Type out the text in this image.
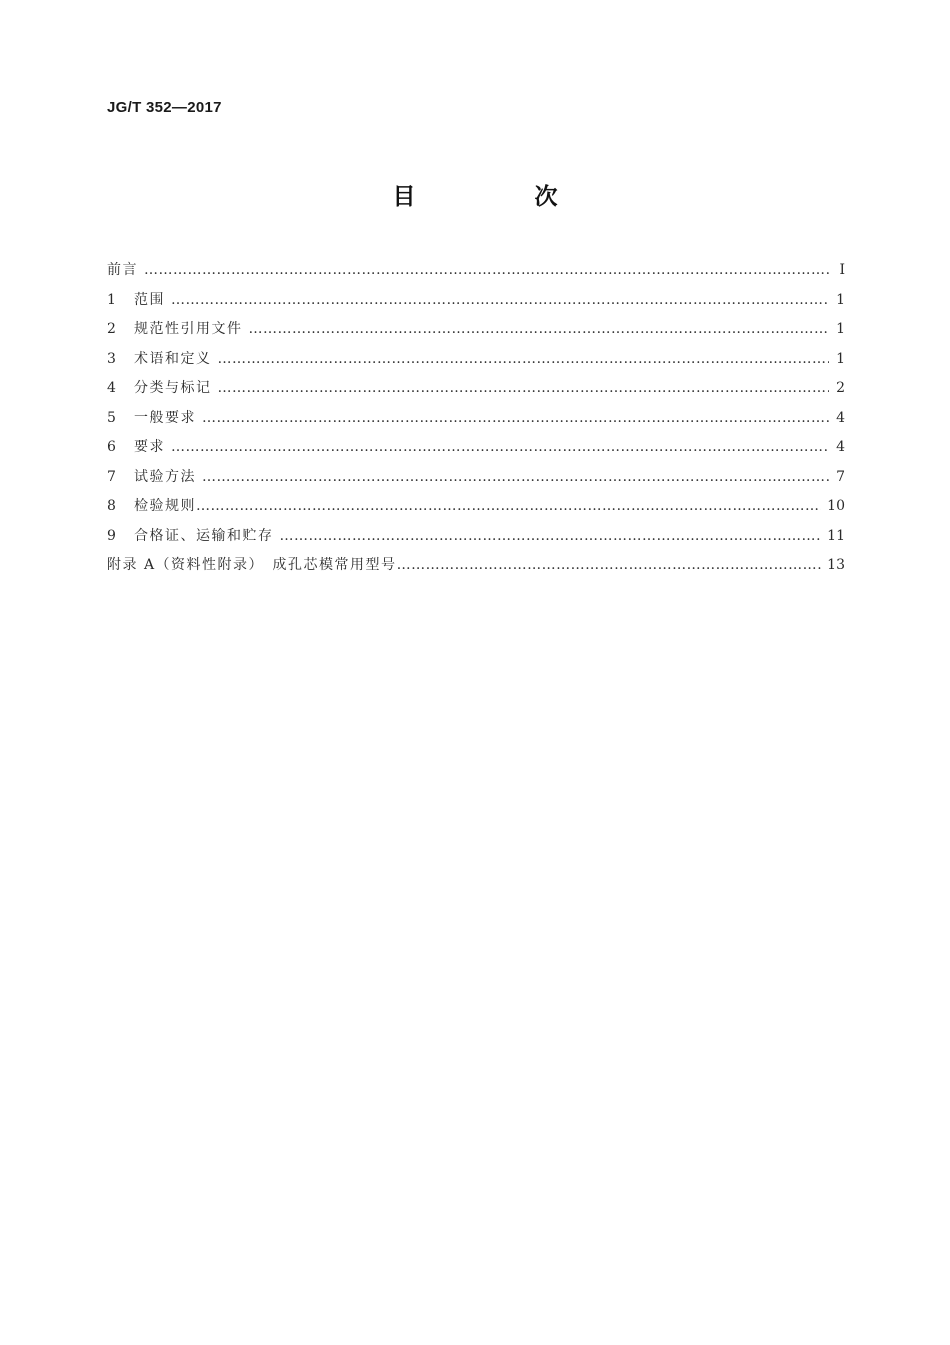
JG/T 352—2017
目　次
前言 ……………………………………………………………………………………………………………………………………………………………………………………………………………………………	Ⅰ
1	范围 ……………………………………………………………………………………………………………………………………………………………………………………………………………………………	1
2	规范性引用文件 ……………………………………………………………………………………………………………………………………………………………………………………………………………………………	1
3	术语和定义 ……………………………………………………………………………………………………………………………………………………………………………………………………………………………	1
4	分类与标记 ……………………………………………………………………………………………………………………………………………………………………………………………………………………………	2
5	一般要求 ……………………………………………………………………………………………………………………………………………………………………………………………………………………………	4
6	要求 ……………………………………………………………………………………………………………………………………………………………………………………………………………………………	4
7	试验方法 ……………………………………………………………………………………………………………………………………………………………………………………………………………………………	7
8	检验规则 ……………………………………………………………………………………………………………………………………………………………………………………………………………………………	10
9	合格证、运输和贮存 ……………………………………………………………………………………………………………………………………………………………………………………………………………………………	11
附录 A（资料性附录）　成孔芯模常用型号 ……………………………………………………………………………………………………………………………………………………………………………………………………………………………	13
